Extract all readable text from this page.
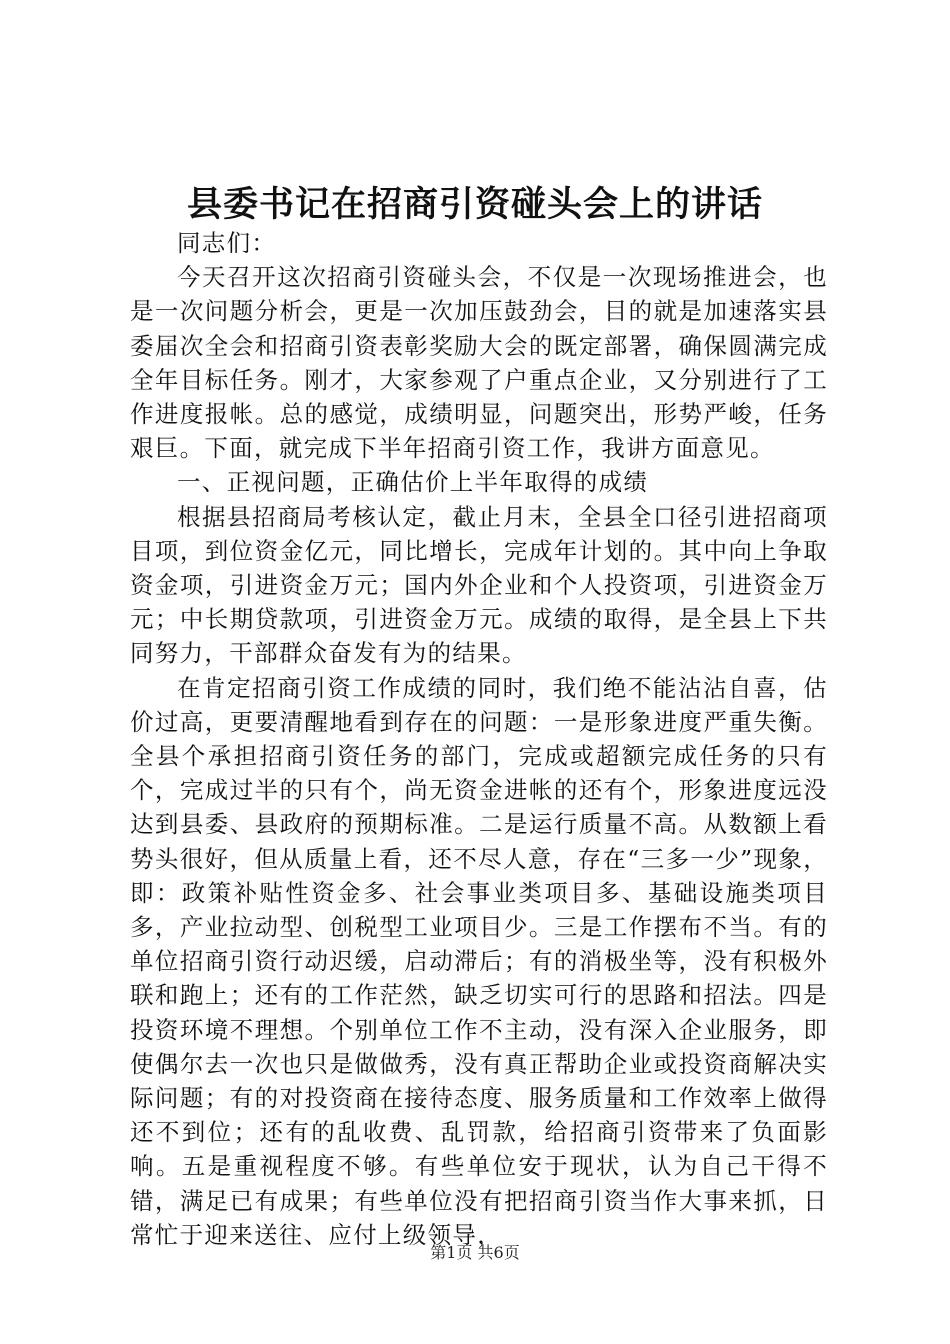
县委书记在招商引资碰头会上的讲话

同志们：

今天召开这次招商引资碰头会，不仅是一次现场推进会，也是一次问题分析会，更是一次加压鼓劲会，目的就是加速落实县委届次全会和招商引资表彰奖励大会的既定部署，确保圆满完成全年目标任务。刚才，大家参观了户重点企业，又分别进行了工作进度报帐。总的感觉，成绩明显，问题突出，形势严峻，任务艰巨。下面，就完成下半年招商引资工作，我讲方面意见。

一、正视问题，正确估价上半年取得的成绩

根据县招商局考核认定，截止月末，全县全口径引进招商项目项，到位资金亿元，同比增长，完成年计划的。其中向上争取资金项，引进资金万元；国内外企业和个人投资项，引进资金万元；中长期贷款项，引进资金万元。成绩的取得，是全县上下共同努力，干部群众奋发有为的结果。

在肯定招商引资工作成绩的同时，我们绝不能沾沾自喜，估价过高，更要清醒地看到存在的问题：一是形象进度严重失衡。全县个承担招商引资任务的部门，完成或超额完成任务的只有个，完成过半的只有个，尚无资金进帐的还有个，形象进度远没达到县委、县政府的预期标准。二是运行质量不高。从数额上看势头很好，但从质量上看，还不尽人意，存在“三多一少”现象，即：政策补贴性资金多、社会事业类项目多、基础设施类项目多，产业拉动型、创税型工业项目少。三是工作摆布不当。有的单位招商引资行动迟缓，启动滞后；有的消极坐等，没有积极外联和跑上；还有的工作茫然，缺乏切实可行的思路和招法。四是投资环境不理想。个别单位工作不主动，没有深入企业服务，即使偶尔去一次也只是做做秀，没有真正帮助企业或投资商解决实际问题；有的对投资商在接待态度、服务质量和工作效率上做得还不到位；还有的乱收费、乱罚款，给招商引资带来了负面影响。五是重视程度不够。有些单位安于现状，认为自己干得不错，满足已有成果；有些单位没有把招商引资当作大事来抓，日常忙于迎来送往、应付上级领导，

第1页 共6页
